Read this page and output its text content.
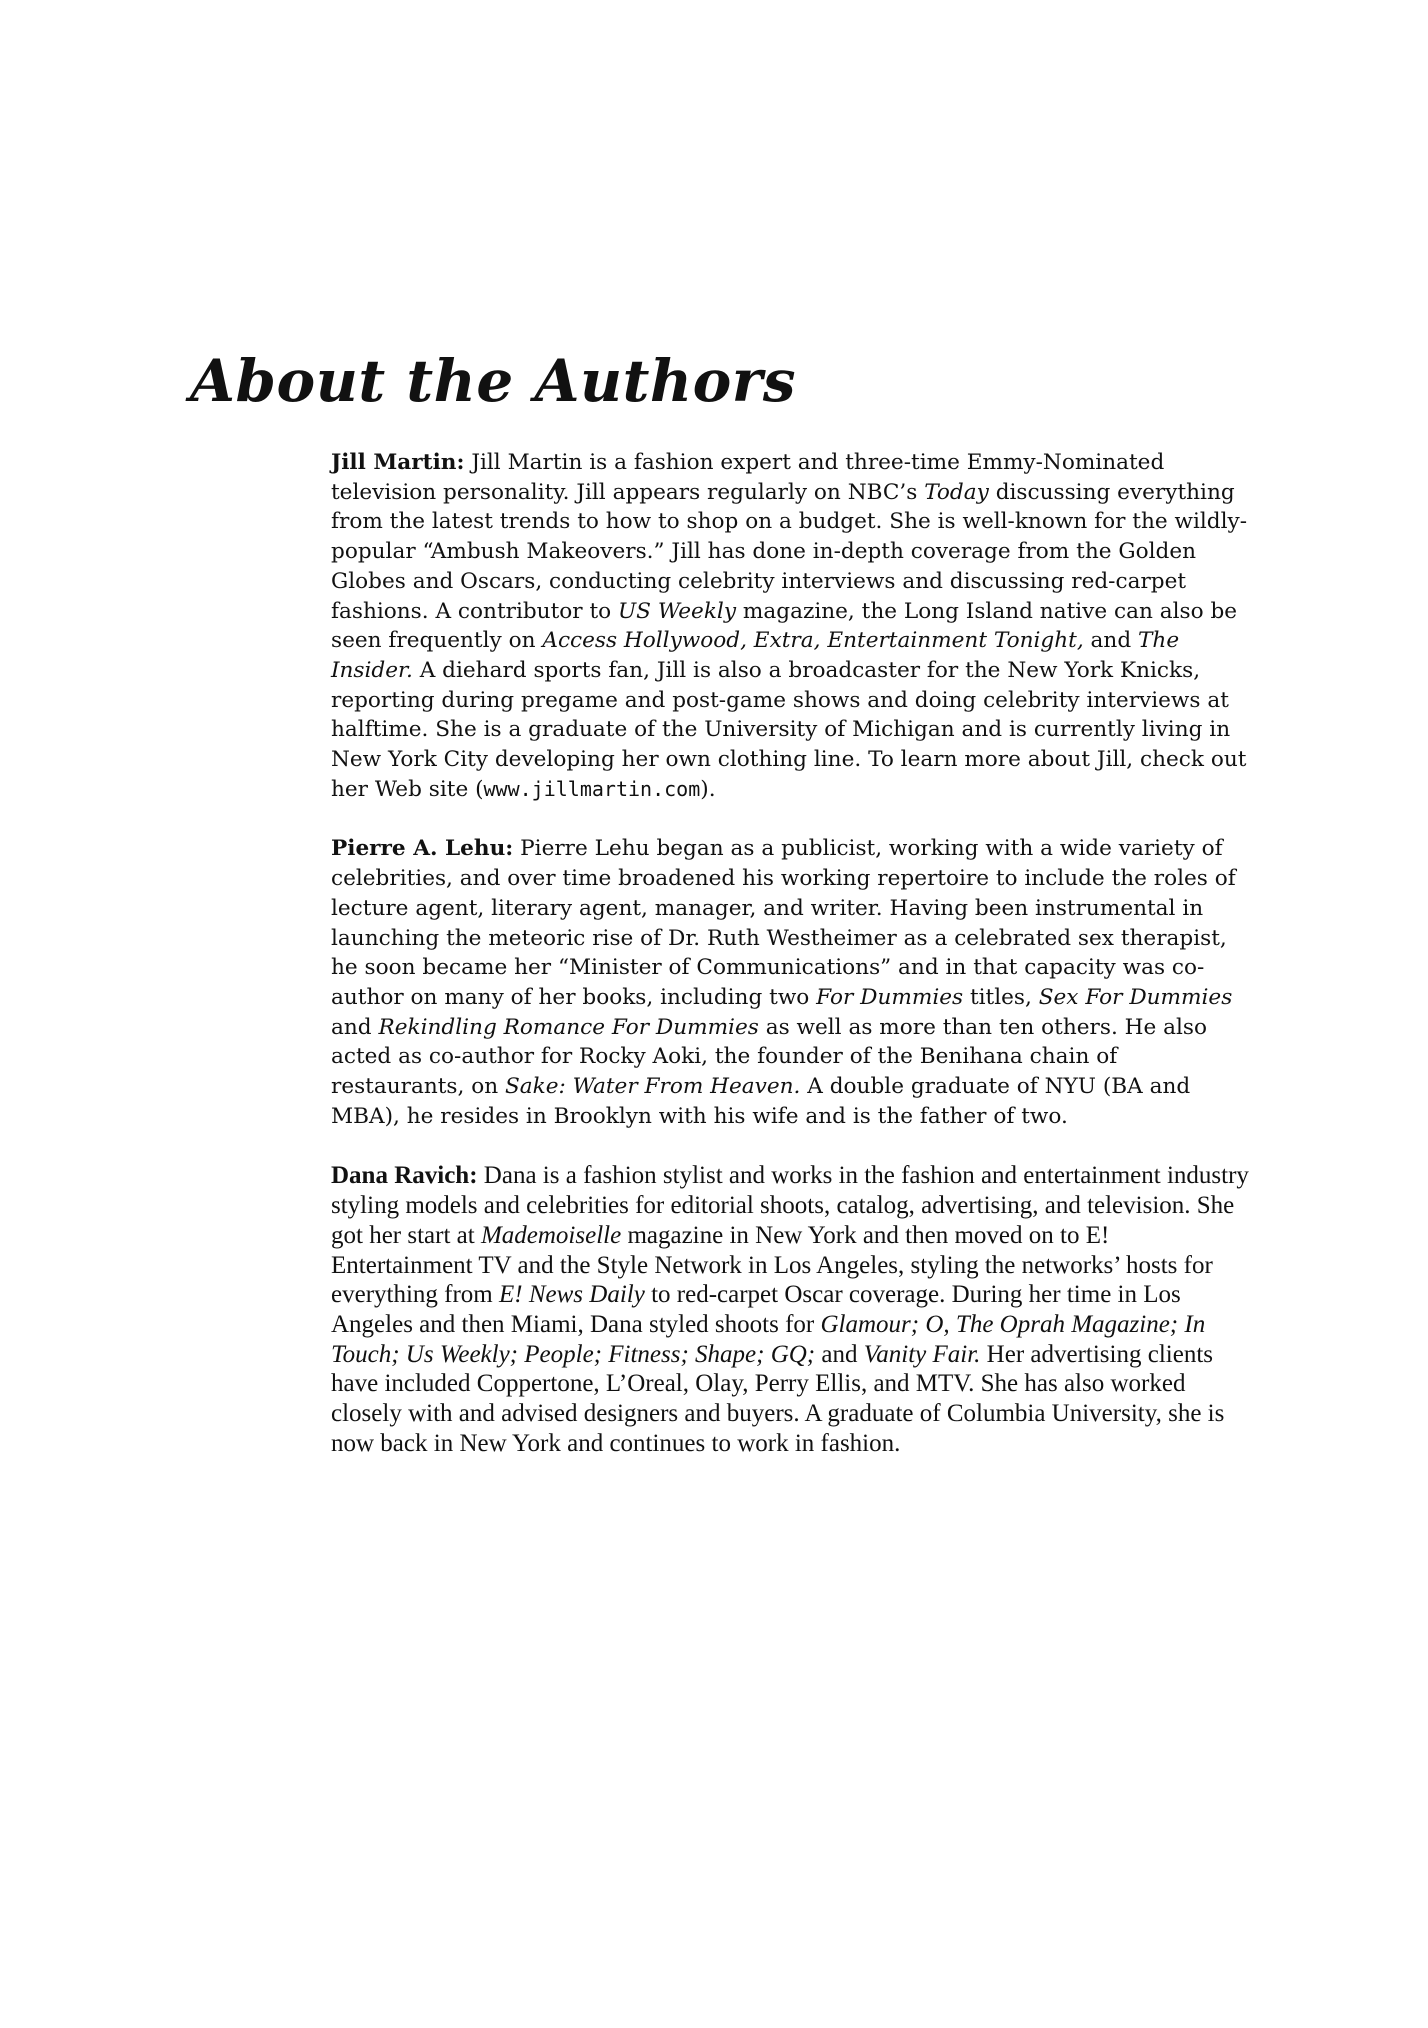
About the Authors

Jill Martin: Jill Martin is a fashion expert and three-time Emmy-Nominated television personality. Jill appears regularly on NBC’s Today discussing everything from the latest trends to how to shop on a budget. She is well-known for the wildly-popular “Ambush Makeovers.” Jill has done in-depth coverage from the Golden Globes and Oscars, conducting celebrity interviews and discussing red-carpet fashions. A contributor to US Weekly magazine, the Long Island native can also be seen frequently on Access Hollywood, Extra, Entertainment Tonight, and The Insider. A diehard sports fan, Jill is also a broadcaster for the New York Knicks, reporting during pregame and post-game shows and doing celebrity interviews at halftime. She is a graduate of the University of Michigan and is currently living in New York City developing her own clothing line. To learn more about Jill, check out her Web site (www.jillmartin.com).

Pierre A. Lehu: Pierre Lehu began as a publicist, working with a wide variety of celebrities, and over time broadened his working repertoire to include the roles of lecture agent, literary agent, manager, and writer. Having been instrumental in launching the meteoric rise of Dr. Ruth Westheimer as a celebrated sex therapist, he soon became her “Minister of Communications” and in that capacity was co-author on many of her books, including two For Dummies titles, Sex For Dummies and Rekindling Romance For Dummies as well as more than ten others. He also acted as co-author for Rocky Aoki, the founder of the Benihana chain of restaurants, on Sake: Water From Heaven. A double graduate of NYU (BA and MBA), he resides in Brooklyn with his wife and is the father of two.

Dana Ravich: Dana is a fashion stylist and works in the fashion and entertainment industry styling models and celebrities for editorial shoots, catalog, advertising, and television. She got her start at Mademoiselle magazine in New York and then moved on to E! Entertainment TV and the Style Network in Los Angeles, styling the networks’ hosts for everything from E! News Daily to red-carpet Oscar coverage. During her time in Los Angeles and then Miami, Dana styled shoots for Glamour; O, The Oprah Magazine; In Touch; Us Weekly; People; Fitness; Shape; GQ; and Vanity Fair. Her advertising clients have included Coppertone, L’Oreal, Olay, Perry Ellis, and MTV. She has also worked closely with and advised designers and buyers. A graduate of Columbia University, she is now back in New York and continues to work in fashion.
